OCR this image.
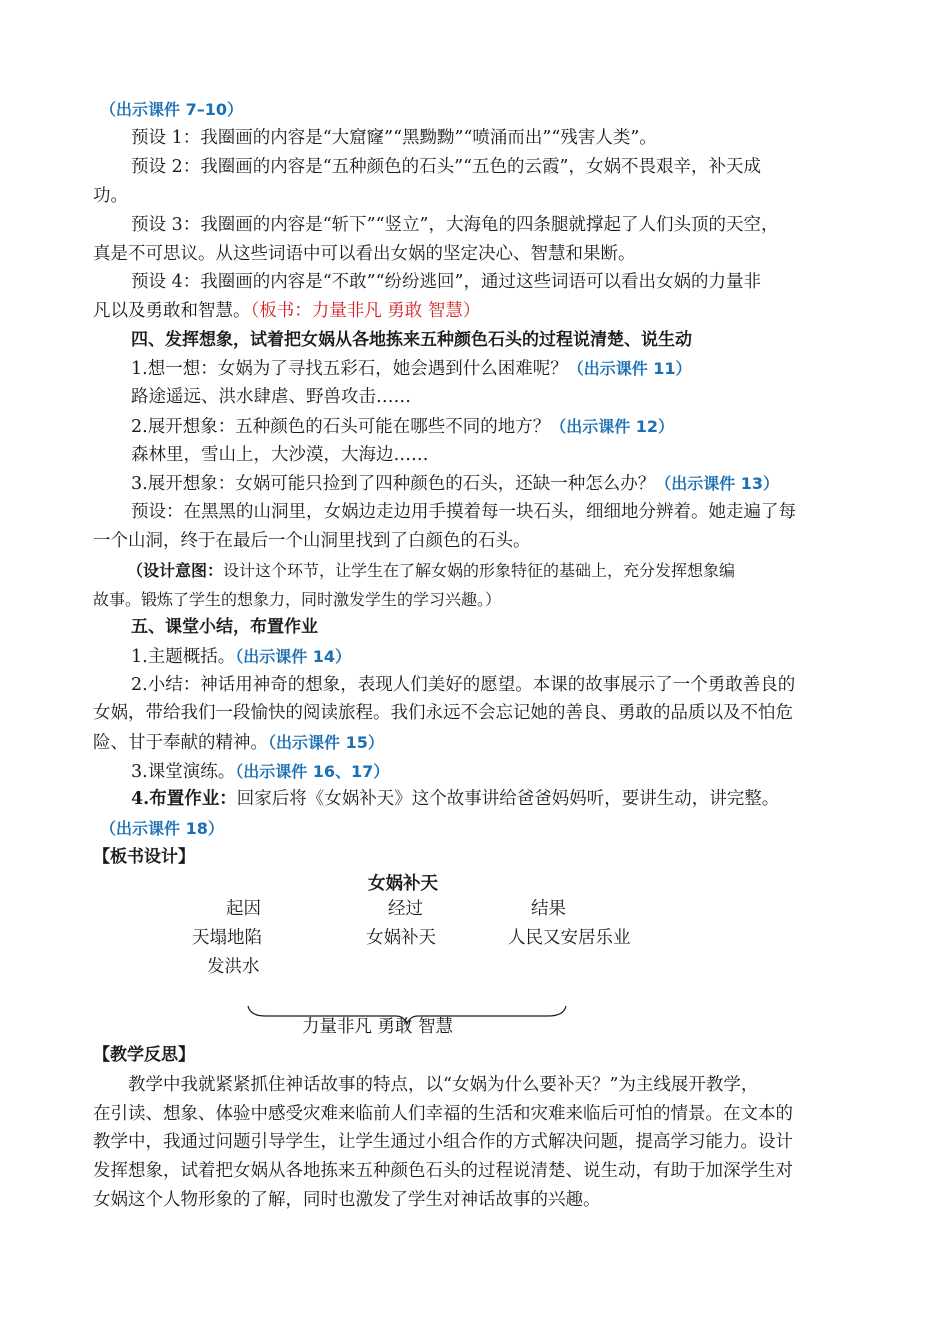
（出示课件 7–10）
预设 1：我圈画的内容是“大窟窿”“黑黝黝”“喷涌而出”“残害人类”。
预设 2：我圈画的内容是“五种颜色的石头”“五色的云霞”，女娲不畏艰辛，补天成
功。
预设 3：我圈画的内容是“斩下”“竖立”，大海龟的四条腿就撑起了人们头顶的天空，
真是不可思议。从这些词语中可以看出女娲的坚定决心、智慧和果断。
预设 4：我圈画的内容是“不敢”“纷纷逃回”，通过这些词语可以看出女娲的力量非
凡以及勇敢和智慧。（板书：力量非凡 勇敢 智慧）
四、发挥想象，试着把女娲从各地拣来五种颜色石头的过程说清楚、说生动
1.想一想：女娲为了寻找五彩石，她会遇到什么困难呢？（出示课件 11）
路途遥远、洪水肆虐、野兽攻击……
2.展开想象：五种颜色的石头可能在哪些不同的地方？（出示课件 12）
森林里，雪山上，大沙漠，大海边……
3.展开想象：女娲可能只捡到了四种颜色的石头，还缺一种怎么办？（出示课件 13）
预设：在黑黑的山洞里，女娲边走边用手摸着每一块石头，细细地分辨着。她走遍了每
一个山洞，终于在最后一个山洞里找到了白颜色的石头。
（设计意图：设计这个环节，让学生在了解女娲的形象特征的基础上，充分发挥想象编
故事。锻炼了学生的想象力，同时激发学生的学习兴趣。）
五、课堂小结，布置作业
1.主题概括。（出示课件 14）
2.小结：神话用神奇的想象，表现人们美好的愿望。本课的故事展示了一个勇敢善良的
女娲，带给我们一段愉快的阅读旅程。我们永远不会忘记她的善良、勇敢的品质以及不怕危
险、甘于奉献的精神。（出示课件 15）
3.课堂演练。（出示课件 16、17）
4.布置作业：回家后将《女娲补天》这个故事讲给爸爸妈妈听，要讲生动，讲完整。
（出示课件 18）
【板书设计】
女娲补天
起因	经过	结果
天塌地陷	女娲补天	人民又安居乐业
发洪水
力量非凡 勇敢 智慧
【教学反思】
教学中我就紧紧抓住神话故事的特点，以“女娲为什么要补天？”为主线展开教学，
在引读、想象、体验中感受灾难来临前人们幸福的生活和灾难来临后可怕的情景。在文本的
教学中，我通过问题引导学生，让学生通过小组合作的方式解决问题，提高学习能力。设计
发挥想象，试着把女娲从各地拣来五种颜色石头的过程说清楚、说生动，有助于加深学生对
女娲这个人物形象的了解，同时也激发了学生对神话故事的兴趣。
